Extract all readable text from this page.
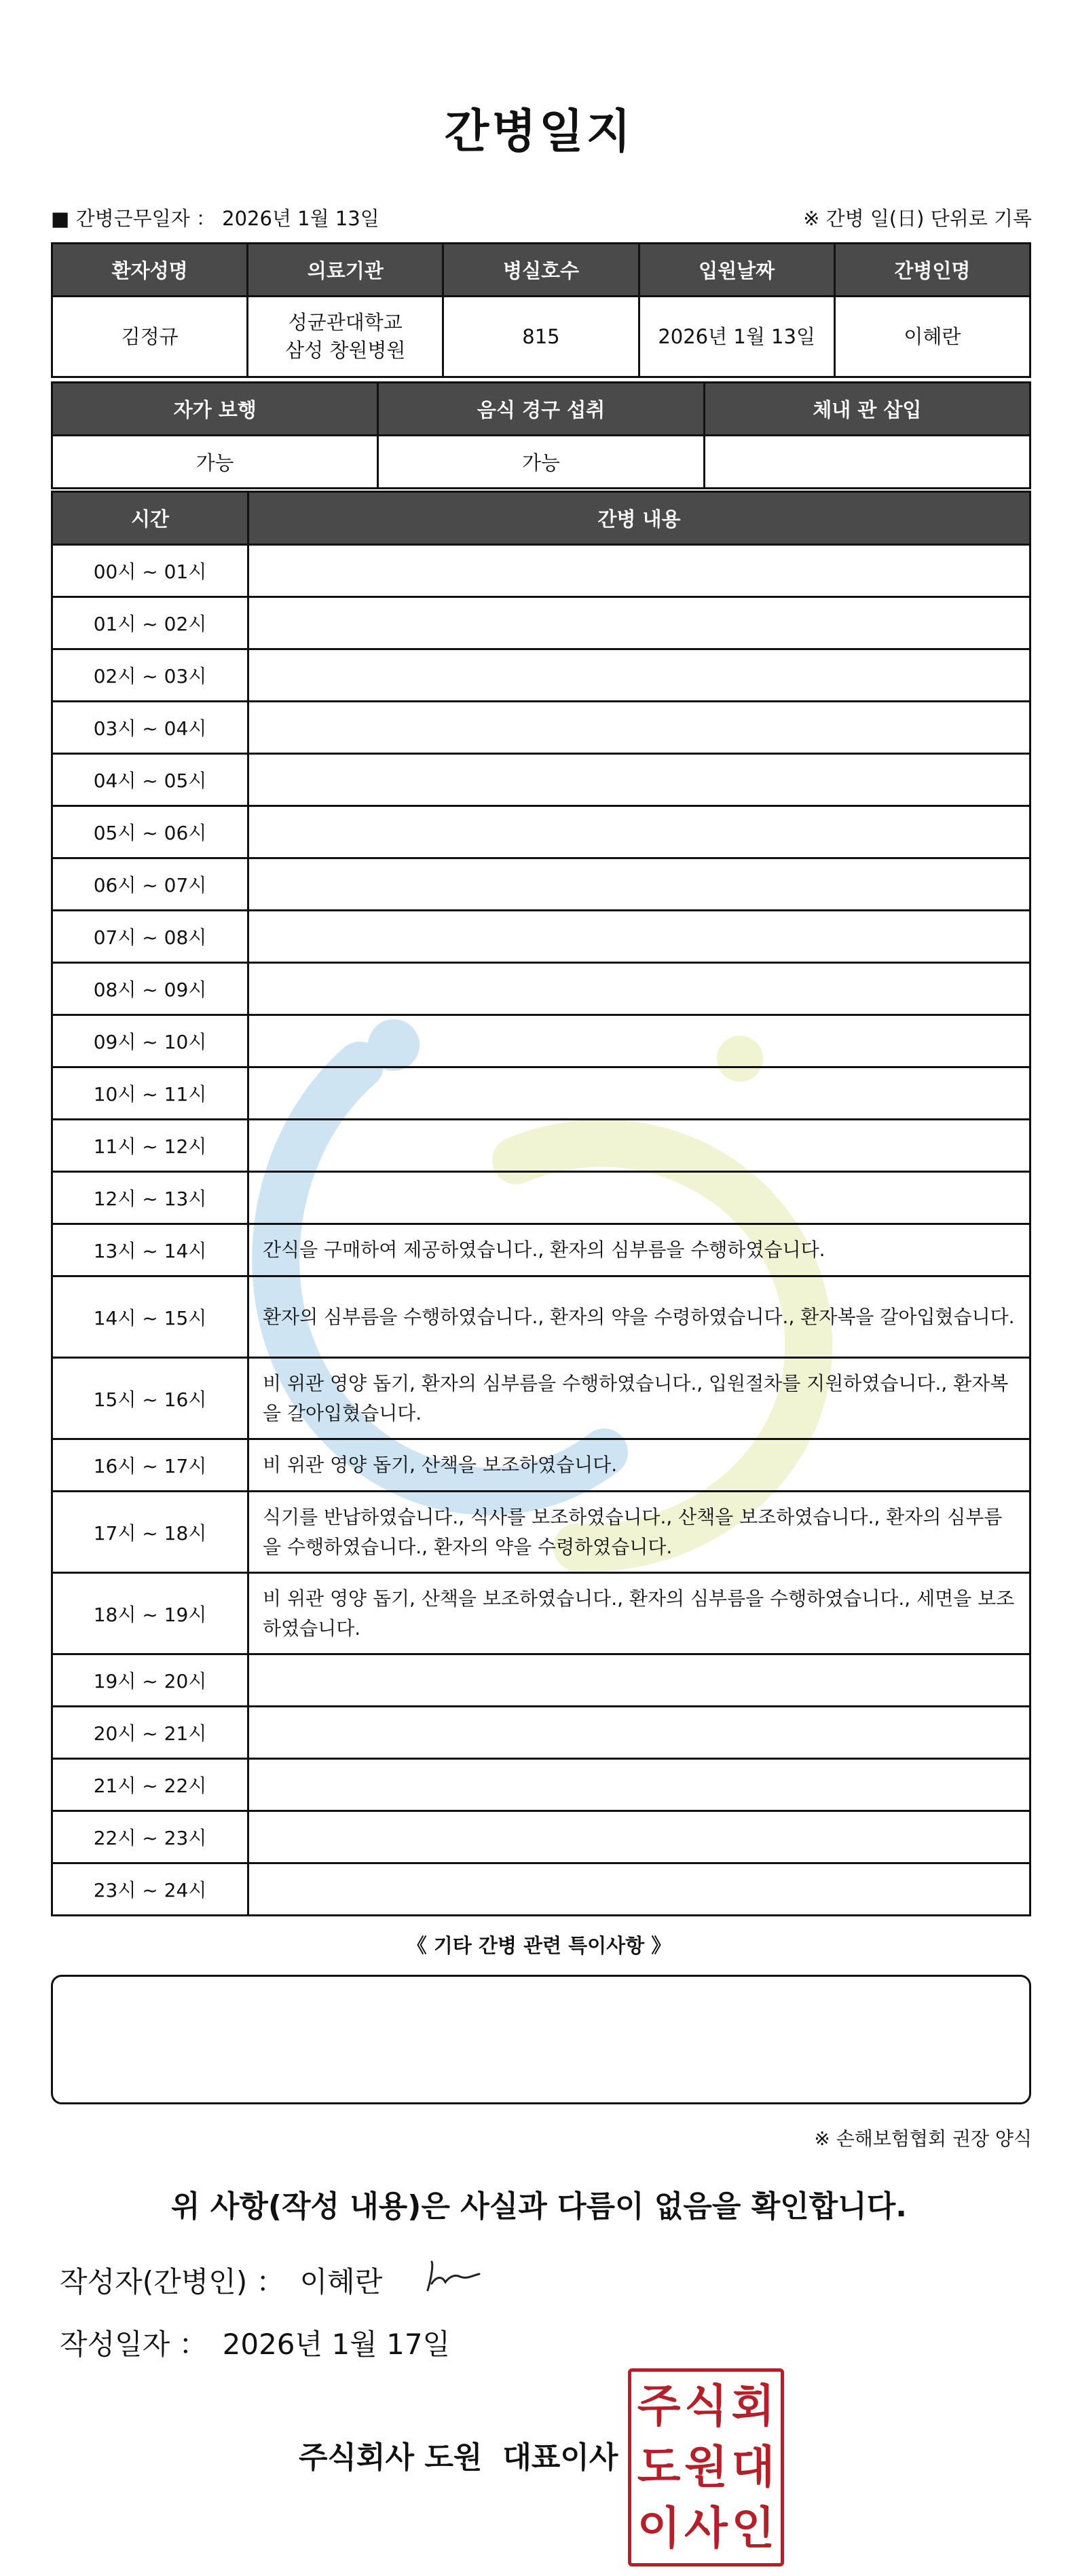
간병일지
■ 간병근무일자 ： 2026년 1월 13일	※ 간병 일(日) 단위로 기록
환자성명	의료기관	병실호수	입원날짜	간병인명
김정규	성균관대학교 삼성 창원병원	815	2026년 1월 13일	이혜란
자가 보행	음식 경구 섭취	체내 관 삽입
가능	가능	
시간	간병 내용
00시 ~ 01시	
01시 ~ 02시	
02시 ~ 03시	
03시 ~ 04시	
04시 ~ 05시	
05시 ~ 06시	
06시 ~ 07시	
07시 ~ 08시	
08시 ~ 09시	
09시 ~ 10시	
10시 ~ 11시	
11시 ~ 12시	
12시 ~ 13시	
13시 ~ 14시	간식을 구매하여 제공하였습니다., 환자의 심부름을 수행하였습니다.
14시 ~ 15시	환자의 심부름을 수행하였습니다., 환자의 약을 수령하였습니다., 환자복을 갈아입혔습니다.
15시 ~ 16시	비 위관 영양 돕기, 환자의 심부름을 수행하였습니다., 입원절차를 지원하였습니다., 환자복을 갈아입혔습니다.
16시 ~ 17시	비 위관 영양 돕기, 산책을 보조하였습니다.
17시 ~ 18시	식기를 반납하였습니다., 식사를 보조하였습니다., 산책을 보조하였습니다., 환자의 심부름을 수행하였습니다., 환자의 약을 수령하였습니다.
18시 ~ 19시	비 위관 영양 돕기, 산책을 보조하였습니다., 환자의 심부름을 수행하였습니다., 세면을 보조하였습니다.
19시 ~ 20시	
20시 ~ 21시	
21시 ~ 22시	
22시 ~ 23시	
23시 ~ 24시	
《 기타 간병 관련 특이사항 》
※ 손해보험협회 권장 양식
위 사항(작성 내용)은 사실과 다름이 없음을 확인합니다.
작성자(간병인) ： 이혜란
작성일자 ： 2026년 1월 17일
주식회사 도원 대표이사
주 식 회
도 원 대
이 사 인
